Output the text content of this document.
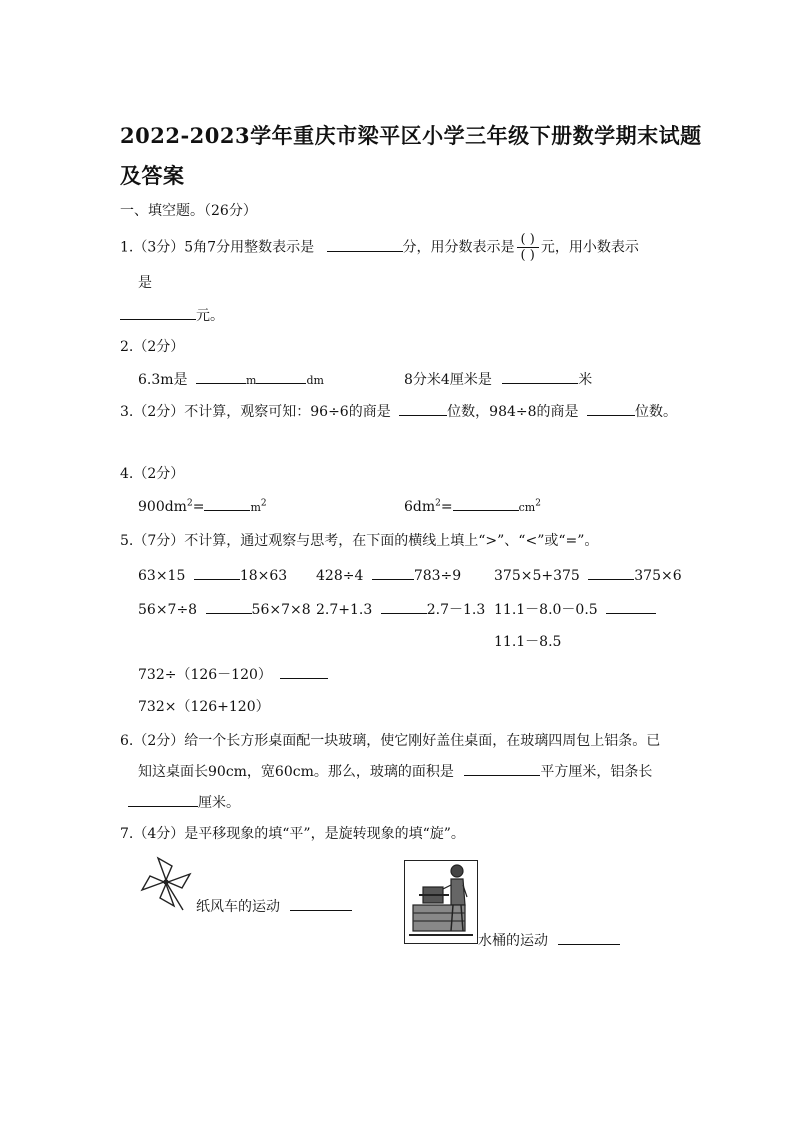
2022-2023学年重庆市梁平区小学三年级下册数学期末试题
及答案
一、填空题。（26分）
1.（3分）5角7分用整数表示是	分，用分数表示是 $\frac{( )}{( )}$ 元，用小数表示
是
元。
2.（2分）
6.3m是	m	dm	8分米4厘米是	米
3.（2分）不计算，观察可知：96÷6的商是	位数，984÷8的商是	位数。
4.（2分）
$900dm^2=$	$m^2$	$6dm^2=$	$cm^2$
5.（7分）不计算，通过观察与思考，在下面的横线上填上“>”、“<”或“=”。
63×15	18×63 428÷4	783÷9 375×5+375	375×6
56×7÷8	56×7×8 2.7+1.3	2.7－1.3 11.1－8.0－0.5
11.1－8.5
732÷（126－120）
732×（126+120）
6.（2分）给一个长方形桌面配一块玻璃，使它刚好盖住桌面，在玻璃四周包上铝条。已
知这桌面长90cm，宽60cm。那么，玻璃的面积是	平方厘米，铝条长
厘米。
7.（4分）是平移现象的填“平”，是旋转现象的填“旋”。
纸风车的运动
水桶的运动
